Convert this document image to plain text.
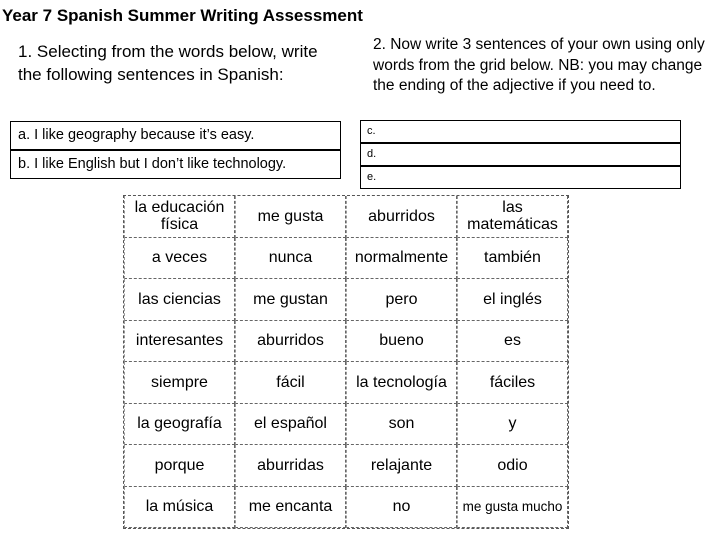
Year 7 Spanish Summer Writing Assessment
1. Selecting from the words below, write the following sentences in Spanish:
2. Now write 3 sentences of your own using only words from the grid below. NB: you may change the ending of the adjective if you need to.
a. I like geography because it’s easy.
b. I like English but I don’t like technology.
c.
d.
e.
la educación física	me gusta	aburridos	las matemáticas
a veces	nunca	normalmente	también
las ciencias	me gustan	pero	el inglés
interesantes	aburridos	bueno	es
siempre	fácil	la tecnología	fáciles
la geografía	el español	son	y
porque	aburridas	relajante	odio
la música	me encanta	no	me gusta mucho
